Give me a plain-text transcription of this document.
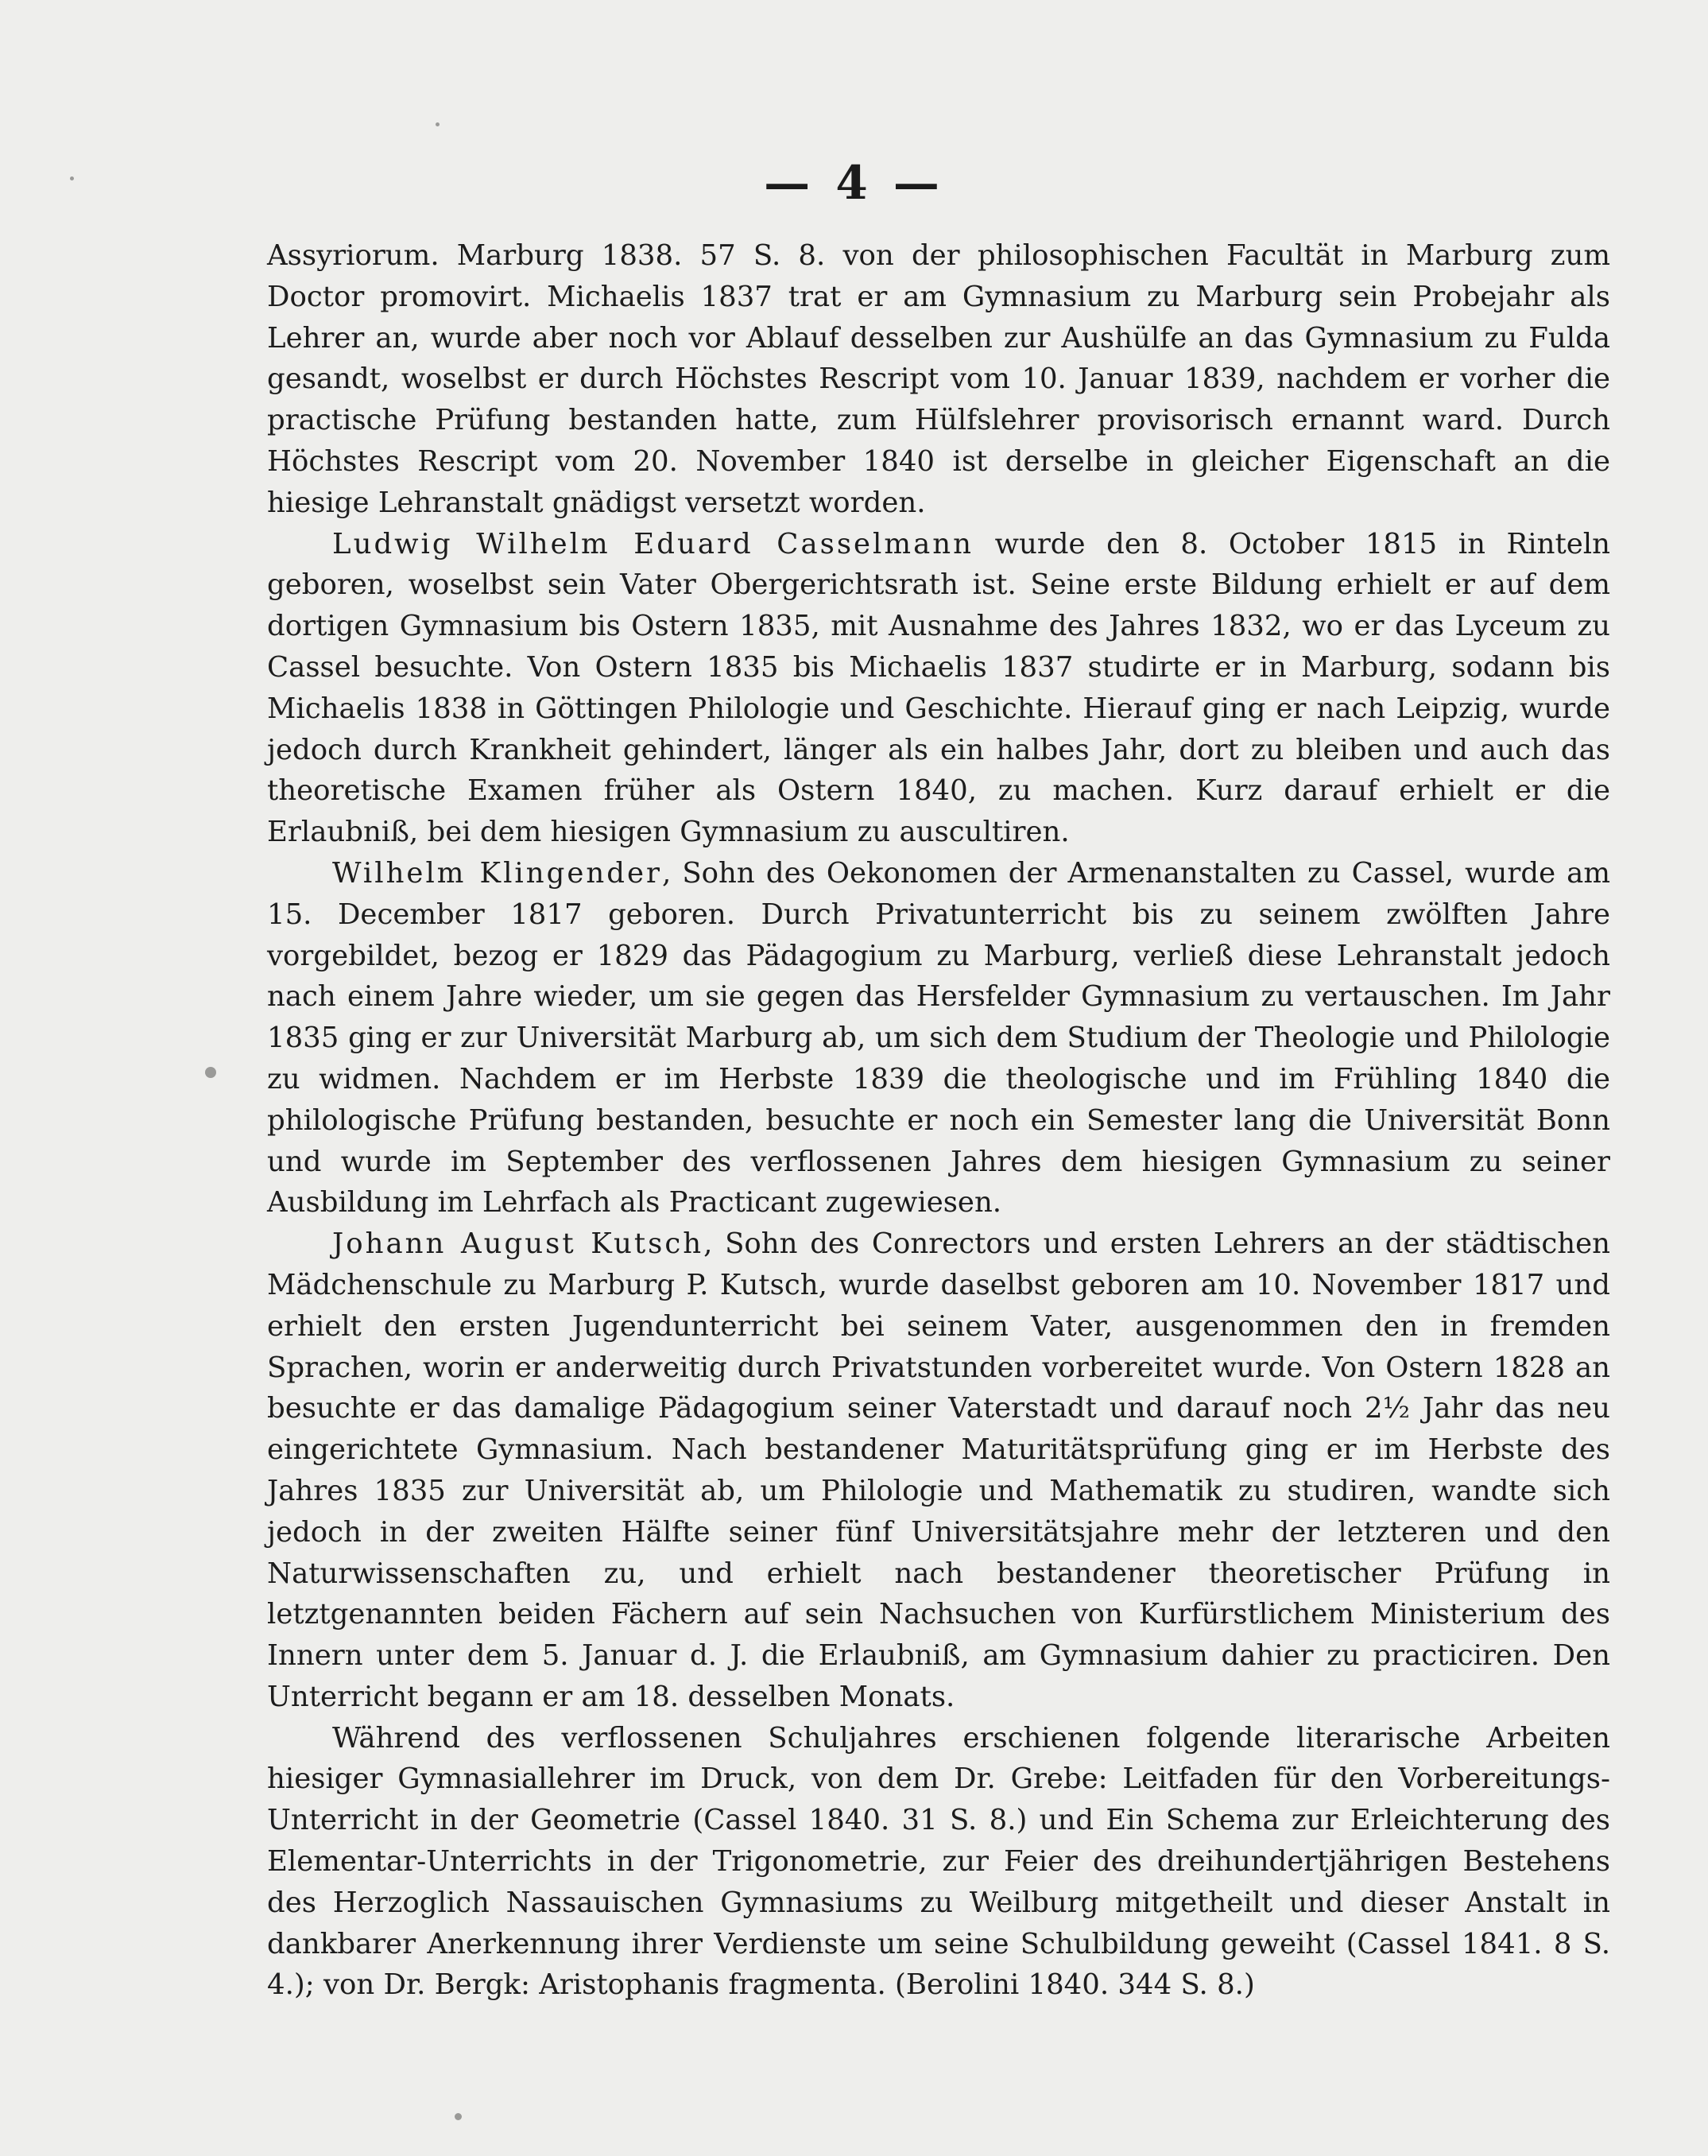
— 4 —

Assyriorum. Marburg 1838. 57 S. 8. von der philosophischen Facultät in Marburg zum Doctor promovirt. Michaelis 1837 trat er am Gymnasium zu Marburg sein Probejahr als Lehrer an, wurde aber noch vor Ablauf desselben zur Aushülfe an das Gymnasium zu Fulda gesandt, woselbst er durch Höchstes Rescript vom 10. Januar 1839, nachdem er vorher die practische Prüfung bestanden hatte, zum Hülfslehrer provisorisch ernannt ward. Durch Höchstes Rescript vom 20. November 1840 ist derselbe in gleicher Eigenschaft an die hiesige Lehranstalt gnädigst versetzt worden.

Ludwig Wilhelm Eduard Casselmann wurde den 8. October 1815 in Rinteln geboren, woselbst sein Vater Obergerichtsrath ist. Seine erste Bildung erhielt er auf dem dortigen Gymnasium bis Ostern 1835, mit Ausnahme des Jahres 1832, wo er das Lyceum zu Cassel besuchte. Von Ostern 1835 bis Michaelis 1837 studirte er in Marburg, sodann bis Michaelis 1838 in Göttingen Philologie und Geschichte. Hierauf ging er nach Leipzig, wurde jedoch durch Krankheit gehindert, länger als ein halbes Jahr, dort zu bleiben und auch das theoretische Examen früher als Ostern 1840, zu machen. Kurz darauf erhielt er die Erlaubniß, bei dem hiesigen Gymnasium zu auscultiren.

Wilhelm Klingender, Sohn des Oekonomen der Armenanstalten zu Cassel, wurde am 15. December 1817 geboren. Durch Privatunterricht bis zu seinem zwölften Jahre vorgebildet, bezog er 1829 das Pädagogium zu Marburg, verließ diese Lehranstalt jedoch nach einem Jahre wieder, um sie gegen das Hersfelder Gymnasium zu vertauschen. Im Jahr 1835 ging er zur Universität Marburg ab, um sich dem Studium der Theologie und Philologie zu widmen. Nachdem er im Herbste 1839 die theologische und im Frühling 1840 die philologische Prüfung bestanden, besuchte er noch ein Semester lang die Universität Bonn und wurde im September des verflossenen Jahres dem hiesigen Gymnasium zu seiner Ausbildung im Lehrfach als Practicant zugewiesen.

Johann August Kutsch, Sohn des Conrectors und ersten Lehrers an der städtischen Mädchenschule zu Marburg P. Kutsch, wurde daselbst geboren am 10. November 1817 und erhielt den ersten Jugendunterricht bei seinem Vater, ausgenommen den in fremden Sprachen, worin er anderweitig durch Privatstunden vorbereitet wurde. Von Ostern 1828 an besuchte er das damalige Pädagogium seiner Vaterstadt und darauf noch 2½ Jahr das neu eingerichtete Gymnasium. Nach bestandener Maturitätsprüfung ging er im Herbste des Jahres 1835 zur Universität ab, um Philologie und Mathematik zu studiren, wandte sich jedoch in der zweiten Hälfte seiner fünf Universitätsjahre mehr der letzteren und den Naturwissenschaften zu, und erhielt nach bestandener theoretischer Prüfung in letztgenannten beiden Fächern auf sein Nachsuchen von Kurfürstlichem Ministerium des Innern unter dem 5. Januar d. J. die Erlaubniß, am Gymnasium dahier zu practiciren. Den Unterricht begann er am 18. desselben Monats.

Während des verflossenen Schuljahres erschienen folgende literarische Arbeiten hiesiger Gymnasiallehrer im Druck, von dem Dr. Grebe: Leitfaden für den Vorbereitungs-Unterricht in der Geometrie (Cassel 1840. 31 S. 8.) und Ein Schema zur Erleichterung des Elementar-Unterrichts in der Trigonometrie, zur Feier des dreihundertjährigen Bestehens des Herzoglich Nassauischen Gymnasiums zu Weilburg mitgetheilt und dieser Anstalt in dankbarer Anerkennung ihrer Verdienste um seine Schulbildung geweiht (Cassel 1841. 8 S. 4.); von Dr. Bergk: Aristophanis fragmenta. (Berolini 1840. 344 S. 8.)
